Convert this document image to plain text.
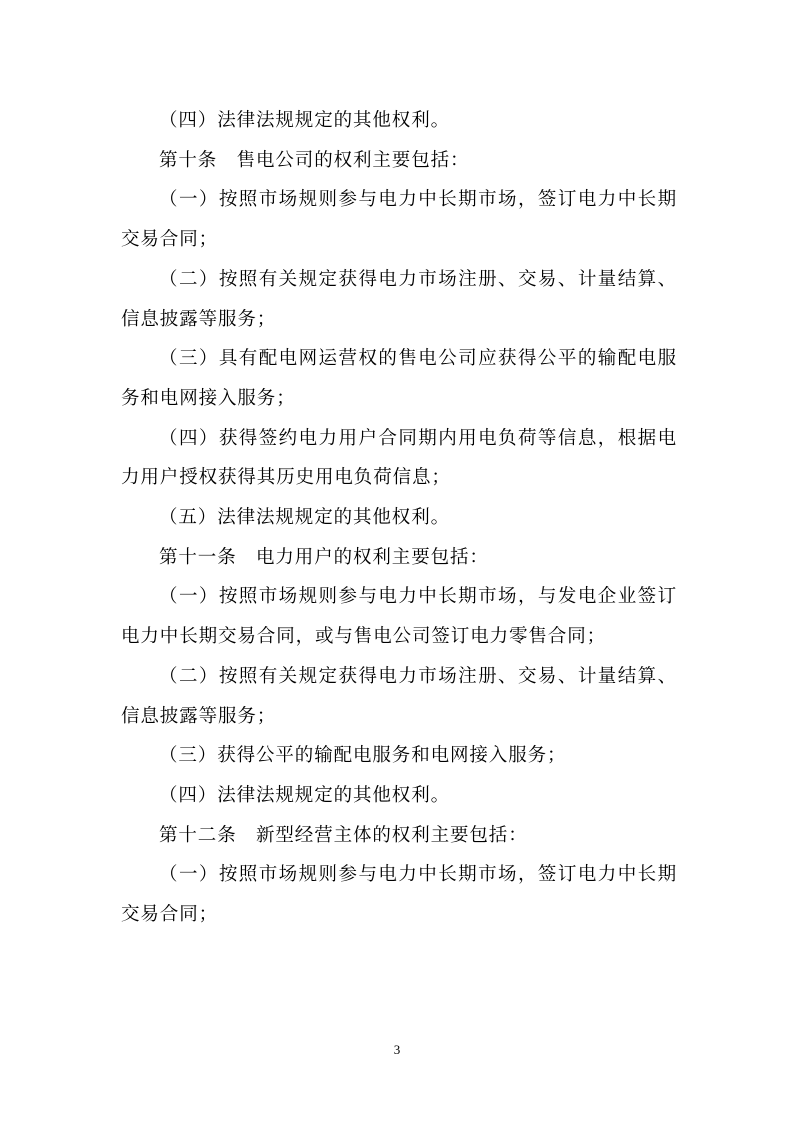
（四）法律法规规定的其他权利。

第十条　售电公司的权利主要包括：

（一）按照市场规则参与电力中长期市场，签订电力中长期交易合同；

（二）按照有关规定获得电力市场注册、交易、计量结算、信息披露等服务；

（三）具有配电网运营权的售电公司应获得公平的输配电服务和电网接入服务；

（四）获得签约电力用户合同期内用电负荷等信息，根据电力用户授权获得其历史用电负荷信息；

（五）法律法规规定的其他权利。

第十一条　电力用户的权利主要包括：

（一）按照市场规则参与电力中长期市场，与发电企业签订电力中长期交易合同，或与售电公司签订电力零售合同；

（二）按照有关规定获得电力市场注册、交易、计量结算、信息披露等服务；

（三）获得公平的输配电服务和电网接入服务；

（四）法律法规规定的其他权利。

第十二条　新型经营主体的权利主要包括：

（一）按照市场规则参与电力中长期市场，签订电力中长期交易合同；

3
